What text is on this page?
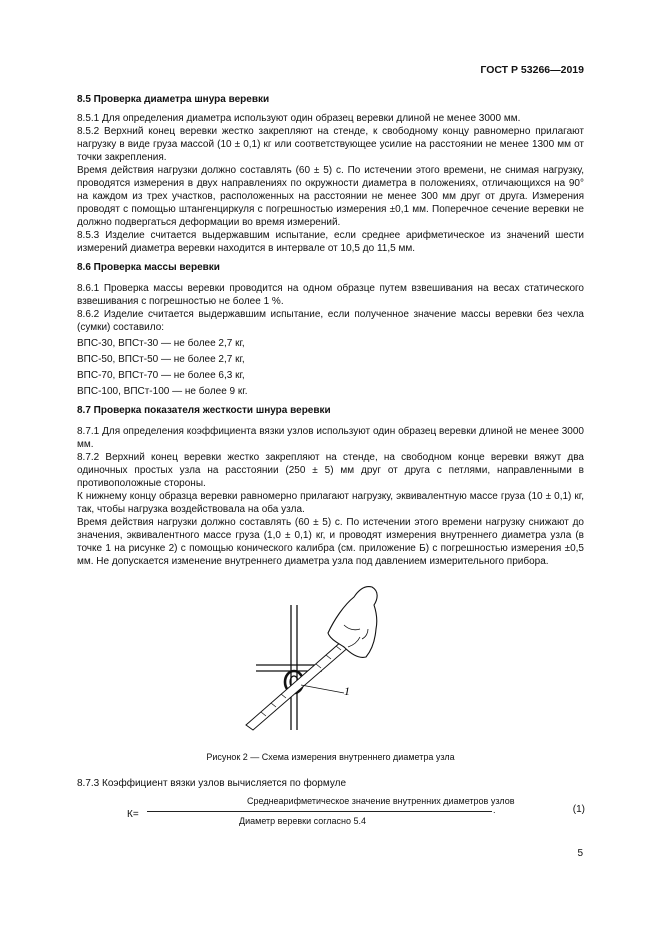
ГОСТ Р 53266—2019
8.5 Проверка диаметра шнура веревки
8.5.1 Для определения диаметра используют один образец веревки длиной не менее 3000 мм.
8.5.2 Верхний конец веревки жестко закрепляют на стенде, к свободному концу равномерно прилагают нагрузку в виде груза массой (10 ± 0,1) кг или соответствующее усилие на расстоянии не менее 1300 мм от точки закрепления.
Время действия нагрузки должно составлять (60 ± 5) с. По истечении этого времени, не снимая нагрузку, проводятся измерения в двух направлениях по окружности диаметра в положениях, отличающихся на 90° на каждом из трех участков, расположенных на расстоянии не менее 300 мм друг от друга. Измерения проводят с помощью штангенциркуля с погрешностью измерения ±0,1 мм. Поперечное сечение веревки не должно подвергаться деформации во время измерений.
8.5.3 Изделие считается выдержавшим испытание, если среднее арифметическое из значений шести измерений диаметра веревки находится в интервале от 10,5 до 11,5 мм.
8.6 Проверка массы веревки
8.6.1 Проверка массы веревки проводится на одном образце путем взвешивания на весах статического взвешивания с погрешностью не более 1 %.
8.6.2 Изделие считается выдержавшим испытание, если полученное значение массы веревки без чехла (сумки) составило:
ВПС-30, ВПСт-30 — не более 2,7 кг,
ВПС-50, ВПСт-50 — не более 2,7 кг,
ВПС-70, ВПСт-70 — не более 6,3 кг,
ВПС-100, ВПСт-100 — не более 9 кг.
8.7 Проверка показателя жесткости шнура веревки
8.7.1 Для определения коэффициента вязки узлов используют один образец веревки длиной не менее 3000 мм.
8.7.2 Верхний конец веревки жестко закрепляют на стенде, на свободном конце веревки вяжут два одиночных простых узла на расстоянии (250 ± 5) мм друг от друга с петлями, направленными в противоположные стороны.
К нижнему концу образца веревки равномерно прилагают нагрузку, эквивалентную массе груза (10 ± 0,1) кг, так, чтобы нагрузка воздействовала на оба узла.
Время действия нагрузки должно составлять (60 ± 5) с. По истечении этого времени нагрузку снижают до значения, эквивалентного массе груза (1,0 ± 0,1) кг, и проводят измерения внутреннего диаметра узла (в точке 1 на рисунке 2) с помощью конического калибра (см. приложение Б) с погрешностью измерения ±0,5 мм. Не допускается изменение внутреннего диаметра узла под давлением измерительного прибора.
1
Рисунок 2 — Схема измерения внутреннего диаметра узла
8.7.3 Коэффициент вязки узлов вычисляется по формуле
К=
Среднеарифметическое значение внутренних диаметров узлов
.
Диаметр веревки согласно 5.4
(1)
5
